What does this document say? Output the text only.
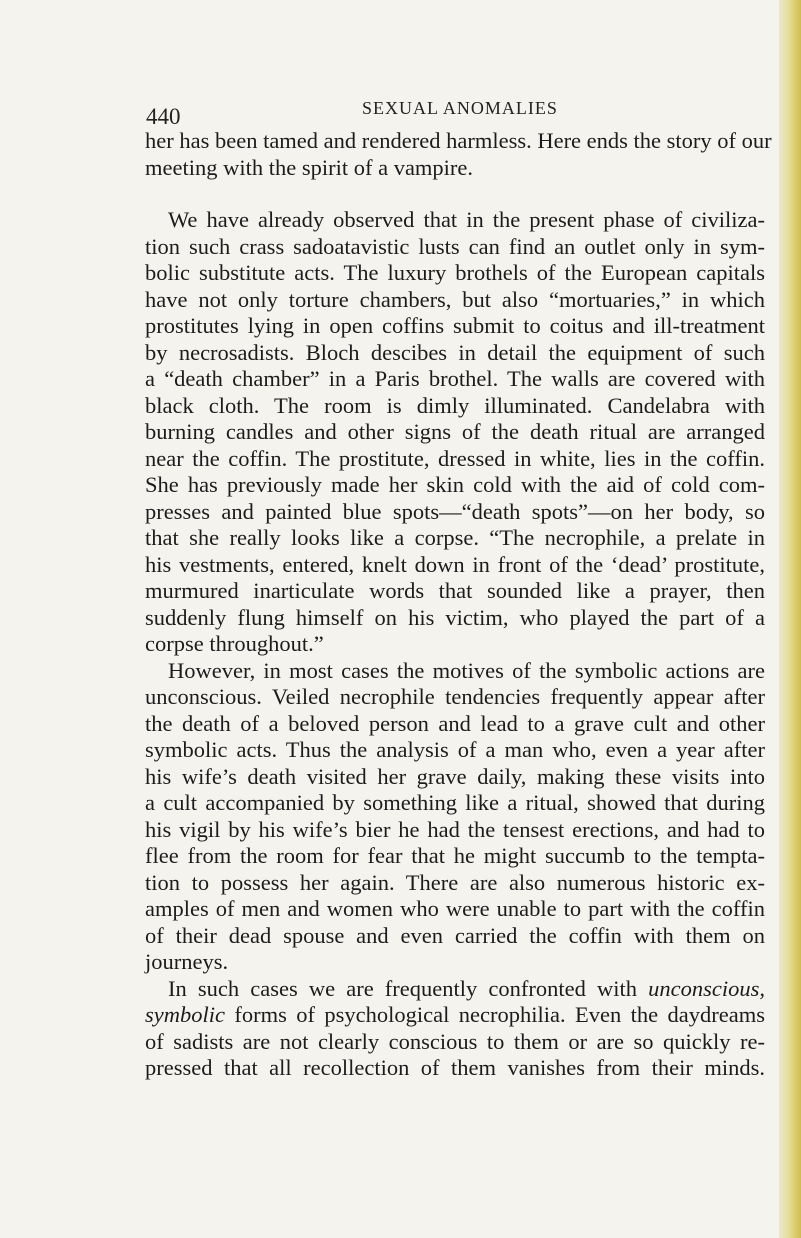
440	SEXUAL ANOMALIES
her has been tamed and rendered harmless. Here ends the story of our
meeting with the spirit of a vampire.
We have already observed that in the present phase of civiliza-
tion such crass sadoatavistic lusts can find an outlet only in sym-
bolic substitute acts. The luxury brothels of the European capitals
have not only torture chambers, but also “mortuaries,” in which
prostitutes lying in open coffins submit to coitus and ill-treatment
by necrosadists. Bloch descibes in detail the equipment of such
a “death chamber” in a Paris brothel. The walls are covered with
black cloth. The room is dimly illuminated. Candelabra with
burning candles and other signs of the death ritual are arranged
near the coffin. The prostitute, dressed in white, lies in the coffin.
She has previously made her skin cold with the aid of cold com-
presses and painted blue spots—“death spots”—on her body, so
that she really looks like a corpse. “The necrophile, a prelate in
his vestments, entered, knelt down in front of the ‘dead’ prostitute,
murmured inarticulate words that sounded like a prayer, then
suddenly flung himself on his victim, who played the part of a
corpse throughout.”
However, in most cases the motives of the symbolic actions are
unconscious. Veiled necrophile tendencies frequently appear after
the death of a beloved person and lead to a grave cult and other
symbolic acts. Thus the analysis of a man who, even a year after
his wife’s death visited her grave daily, making these visits into
a cult accompanied by something like a ritual, showed that during
his vigil by his wife’s bier he had the tensest erections, and had to
flee from the room for fear that he might succumb to the tempta-
tion to possess her again. There are also numerous historic ex-
amples of men and women who were unable to part with the coffin
of their dead spouse and even carried the coffin with them on
journeys.
In such cases we are frequently confronted with unconscious,
symbolic forms of psychological necrophilia. Even the daydreams
of sadists are not clearly conscious to them or are so quickly re-
pressed that all recollection of them vanishes from their minds.
